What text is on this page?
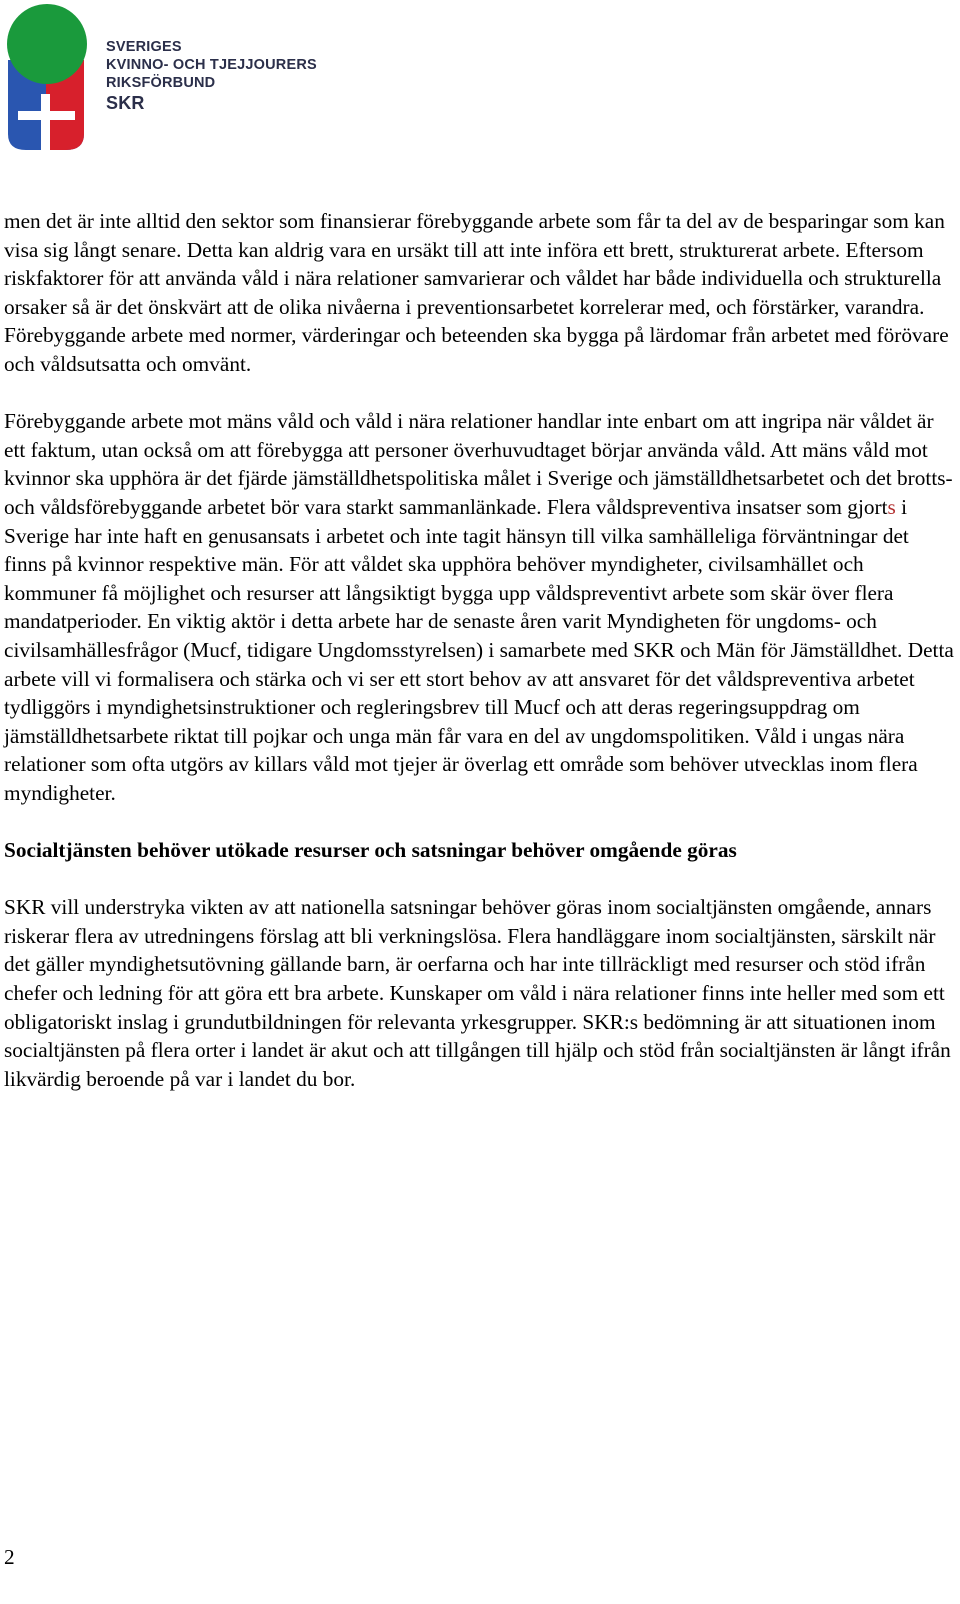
SVERIGES
KVINNO- OCH TJEJJOURERS
RIKSFÖRBUND
SKR

men det är inte alltid den sektor som finansierar förebyggande arbete som får ta del av de besparingar som kan visa sig långt senare. Detta kan aldrig vara en ursäkt till att inte införa ett brett, strukturerat arbete. Eftersom riskfaktorer för att använda våld i nära relationer samvarierar och våldet har både individuella och strukturella orsaker så är det önskvärt att de olika nivåerna i preventionsarbetet korrelerar med, och förstärker, varandra. Förebyggande arbete med normer, värderingar och beteenden ska bygga på lärdomar från arbetet med förövare och våldsutsatta och omvänt.

Förebyggande arbete mot mäns våld och våld i nära relationer handlar inte enbart om att ingripa när våldet är ett faktum, utan också om att förebygga att personer överhuvudtaget börjar använda våld. Att mäns våld mot kvinnor ska upphöra är det fjärde jämställdhetspolitiska målet i Sverige och jämställdhetsarbetet och det brotts- och våldsförebyggande arbetet bör vara starkt sammanlänkade. Flera våldspreventiva insatser som gjorts i Sverige har inte haft en genusansats i arbetet och inte tagit hänsyn till vilka samhälleliga förväntningar det finns på kvinnor respektive män. För att våldet ska upphöra behöver myndigheter, civilsamhället och kommuner få möjlighet och resurser att långsiktigt bygga upp våldspreventivt arbete som skär över flera mandatperioder. En viktig aktör i detta arbete har de senaste åren varit Myndigheten för ungdoms- och civilsamhällesfrågor (Mucf, tidigare Ungdomsstyrelsen) i samarbete med SKR och Män för Jämställdhet. Detta arbete vill vi formalisera och stärka och vi ser ett stort behov av att ansvaret för det våldspreventiva arbetet tydliggörs i myndighetsinstruktioner och regleringsbrev till Mucf och att deras regeringsuppdrag om jämställdhetsarbete riktat till pojkar och unga män får vara en del av ungdomspolitiken. Våld i ungas nära relationer som ofta utgörs av killars våld mot tjejer är överlag ett område som behöver utvecklas inom flera myndigheter.

Socialtjänsten behöver utökade resurser och satsningar behöver omgående göras

SKR vill understryka vikten av att nationella satsningar behöver göras inom socialtjänsten omgående, annars riskerar flera av utredningens förslag att bli verkningslösa. Flera handläggare inom socialtjänsten, särskilt när det gäller myndighetsutövning gällande barn, är oerfarna och har inte tillräckligt med resurser och stöd ifrån chefer och ledning för att göra ett bra arbete. Kunskaper om våld i nära relationer finns inte heller med som ett obligatoriskt inslag i grundutbildningen för relevanta yrkesgrupper. SKR:s bedömning är att situationen inom socialtjänsten på flera orter i landet är akut och att tillgången till hjälp och stöd från socialtjänsten är långt ifrån likvärdig beroende på var i landet du bor.

2
